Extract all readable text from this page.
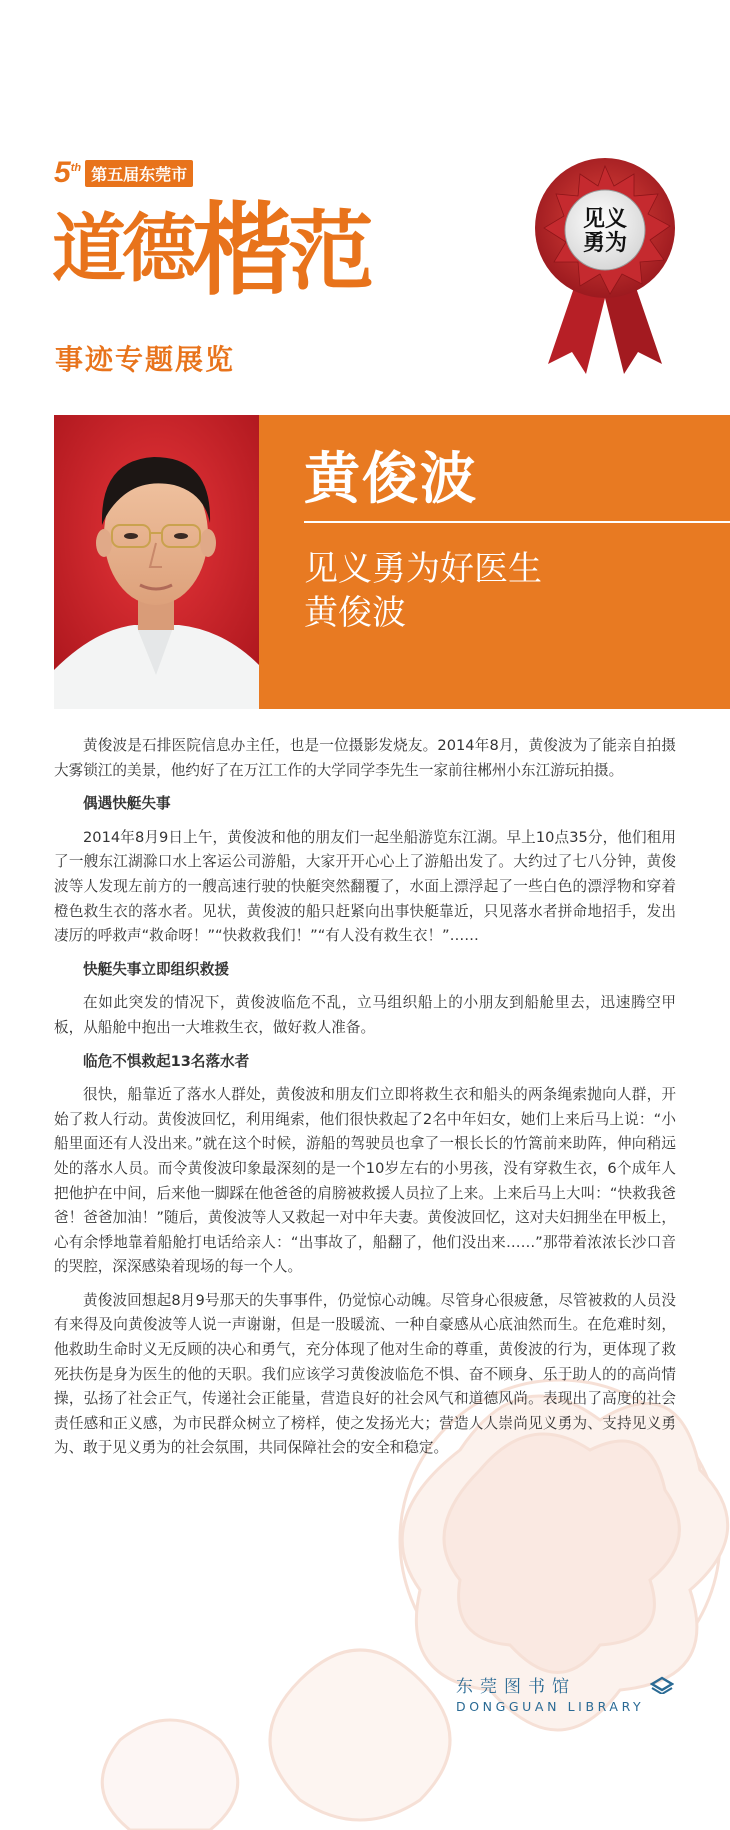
5th 第五届东莞市
道德楷范
事迹专题展览
见义
勇为
黄俊波
见义勇为好医生
黄俊波

黄俊波是石排医院信息办主任，也是一位摄影发烧友。2014年8月，黄俊波为了能亲自拍摄大雾锁江的美景，他约好了在万江工作的大学同学李先生一家前往郴州小东江游玩拍摄。

偶遇快艇失事

2014年8月9日上午，黄俊波和他的朋友们一起坐船游览东江湖。早上10点35分，他们租用了一艘东江湖滁口水上客运公司游船，大家开开心心上了游船出发了。大约过了七八分钟，黄俊波等人发现左前方的一艘高速行驶的快艇突然翻覆了，水面上漂浮起了一些白色的漂浮物和穿着橙色救生衣的落水者。见状，黄俊波的船只赶紧向出事快艇靠近，只见落水者拼命地招手，发出凄厉的呼救声“救命呀！”“快救救我们！”“有人没有救生衣！”……

快艇失事立即组织救援

在如此突发的情况下，黄俊波临危不乱，立马组织船上的小朋友到船舱里去，迅速腾空甲板，从船舱中抱出一大堆救生衣，做好救人准备。

临危不惧救起13名落水者

很快，船靠近了落水人群处，黄俊波和朋友们立即将救生衣和船头的两条绳索抛向人群，开始了救人行动。黄俊波回忆，利用绳索，他们很快救起了2名中年妇女，她们上来后马上说：“小船里面还有人没出来。”就在这个时候，游船的驾驶员也拿了一根长长的竹篙前来助阵，伸向稍远处的落水人员。而令黄俊波印象最深刻的是一个10岁左右的小男孩，没有穿救生衣，6个成年人把他护在中间，后来他一脚踩在他爸爸的肩膀被救援人员拉了上来。上来后马上大叫：“快救我爸爸！爸爸加油！”随后，黄俊波等人又救起一对中年夫妻。黄俊波回忆，这对夫妇拥坐在甲板上，心有余悸地靠着船舱打电话给亲人：“出事故了，船翻了，他们没出来……”那带着浓浓长沙口音的哭腔，深深感染着现场的每一个人。

黄俊波回想起8月9号那天的失事事件，仍觉惊心动魄。尽管身心很疲惫，尽管被救的人员没有来得及向黄俊波等人说一声谢谢，但是一股暖流、一种自豪感从心底油然而生。在危难时刻，他救助生命时义无反顾的决心和勇气，充分体现了他对生命的尊重，黄俊波的行为，更体现了救死扶伤是身为医生的他的天职。我们应该学习黄俊波临危不惧、奋不顾身、乐于助人的的高尚情操，弘扬了社会正气，传递社会正能量，营造良好的社会风气和道德风尚。表现出了高度的社会责任感和正义感，为市民群众树立了榜样，使之发扬光大；营造人人崇尚见义勇为、支持见义勇为、敢于见义勇为的社会氛围，共同保障社会的安全和稳定。

东莞图书馆
DONGGUAN LIBRARY
